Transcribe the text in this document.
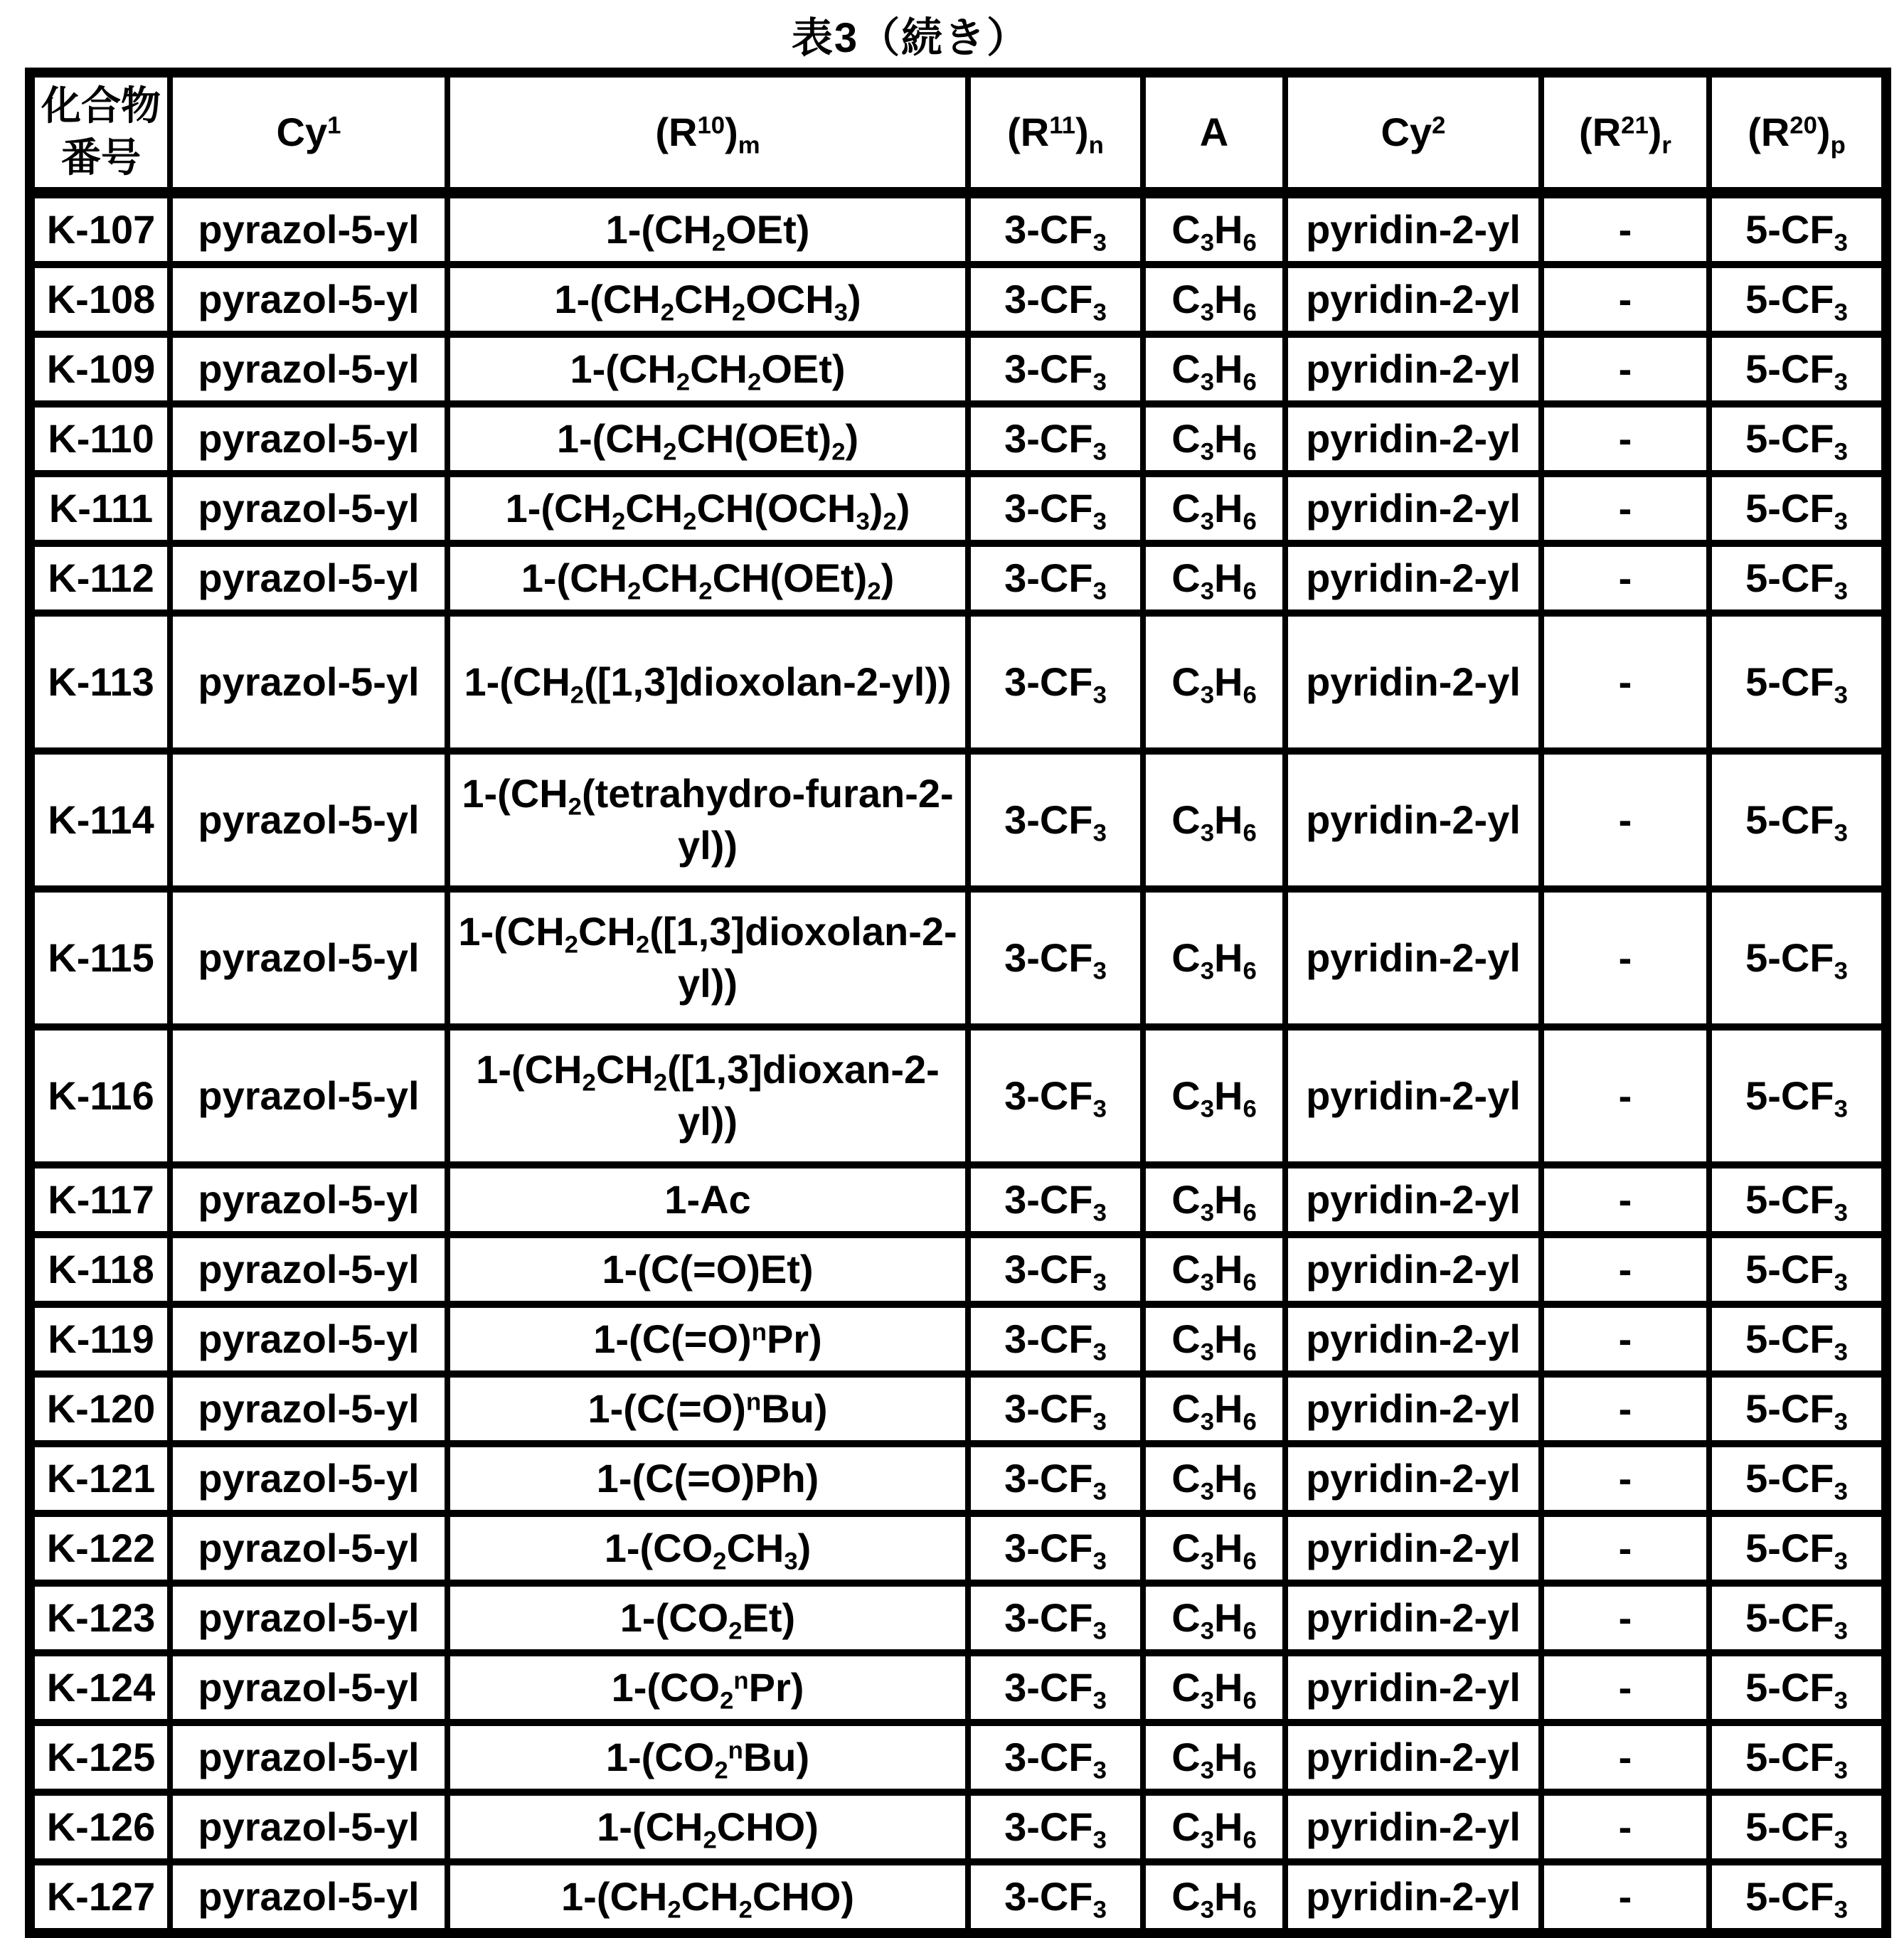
表3（続き）
化合物
番号	Cy$^1$	$(R^{10})_m$	$(R^{11})_n$	A	Cy$^2$	$(R^{21})_r$	$(R^{20})_p$
K-107	pyrazol-5-yl	$1-(CH_2OEt)$	$3-CF_3$	$C_3H_6$	pyridin-2-yl	-	$5-CF_3$
K-108	pyrazol-5-yl	$1-(CH_2CH_2OCH_3)$	$3-CF_3$	$C_3H_6$	pyridin-2-yl	-	$5-CF_3$
K-109	pyrazol-5-yl	$1-(CH_2CH_2OEt)$	$3-CF_3$	$C_3H_6$	pyridin-2-yl	-	$5-CF_3$
K-110	pyrazol-5-yl	$1-(CH_2CH(OEt)_2)$	$3-CF_3$	$C_3H_6$	pyridin-2-yl	-	$5-CF_3$
K-111	pyrazol-5-yl	$1-(CH_2CH_2CH(OCH_3)_2)$	$3-CF_3$	$C_3H_6$	pyridin-2-yl	-	$5-CF_3$
K-112	pyrazol-5-yl	$1-(CH_2CH_2CH(OEt)_2)$	$3-CF_3$	$C_3H_6$	pyridin-2-yl	-	$5-CF_3$
K-113	pyrazol-5-yl	$1-(CH_2([1,3]dioxolan-2-yl))$	$3-CF_3$	$C_3H_6$	pyridin-2-yl	-	$5-CF_3$
K-114	pyrazol-5-yl	$1-(CH_2(tetrahydro-furan-2-yl))$	$3-CF_3$	$C_3H_6$	pyridin-2-yl	-	$5-CF_3$
K-115	pyrazol-5-yl	$1-(CH_2CH_2([1,3]dioxolan-2-yl))$	$3-CF_3$	$C_3H_6$	pyridin-2-yl	-	$5-CF_3$
K-116	pyrazol-5-yl	$1-(CH_2CH_2([1,3]dioxan-2-yl))$	$3-CF_3$	$C_3H_6$	pyridin-2-yl	-	$5-CF_3$
K-117	pyrazol-5-yl	1-Ac	$3-CF_3$	$C_3H_6$	pyridin-2-yl	-	$5-CF_3$
K-118	pyrazol-5-yl	1-(C(=O)Et)	$3-CF_3$	$C_3H_6$	pyridin-2-yl	-	$5-CF_3$
K-119	pyrazol-5-yl	1-(C(=O)$^n$Pr)	$3-CF_3$	$C_3H_6$	pyridin-2-yl	-	$5-CF_3$
K-120	pyrazol-5-yl	1-(C(=O)$^n$Bu)	$3-CF_3$	$C_3H_6$	pyridin-2-yl	-	$5-CF_3$
K-121	pyrazol-5-yl	1-(C(=O)Ph)	$3-CF_3$	$C_3H_6$	pyridin-2-yl	-	$5-CF_3$
K-122	pyrazol-5-yl	$1-(CO_2CH_3)$	$3-CF_3$	$C_3H_6$	pyridin-2-yl	-	$5-CF_3$
K-123	pyrazol-5-yl	$1-(CO_2Et)$	$3-CF_3$	$C_3H_6$	pyridin-2-yl	-	$5-CF_3$
K-124	pyrazol-5-yl	$1-(CO_2^nPr)$	$3-CF_3$	$C_3H_6$	pyridin-2-yl	-	$5-CF_3$
K-125	pyrazol-5-yl	$1-(CO_2^nBu)$	$3-CF_3$	$C_3H_6$	pyridin-2-yl	-	$5-CF_3$
K-126	pyrazol-5-yl	$1-(CH_2CHO)$	$3-CF_3$	$C_3H_6$	pyridin-2-yl	-	$5-CF_3$
K-127	pyrazol-5-yl	$1-(CH_2CH_2CHO)$	$3-CF_3$	$C_3H_6$	pyridin-2-yl	-	$5-CF_3$
